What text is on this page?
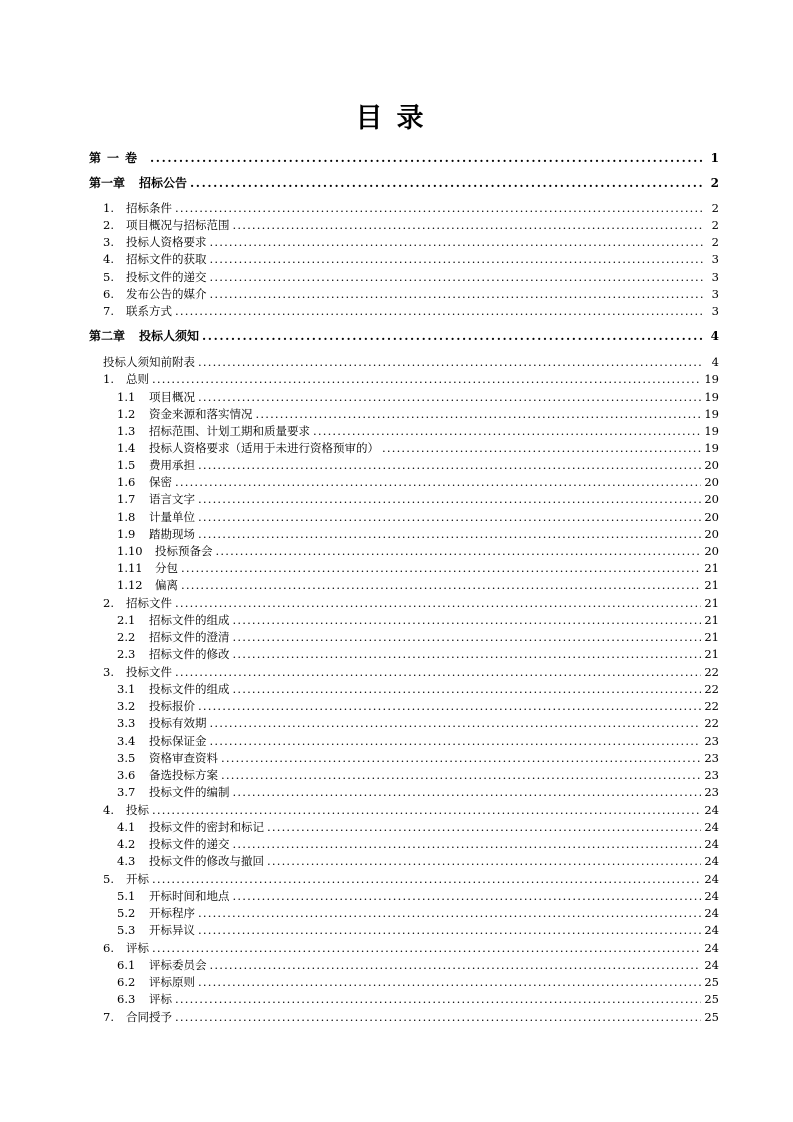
目录
第一卷 .....	1
第一章 招标公告 .....	2
1. 招标条件 .....	2
2. 项目概况与招标范围 .....	2
3. 投标人资格要求 .....	2
4. 招标文件的获取 .....	3
5. 投标文件的递交 .....	3
6. 发布公告的媒介 .....	3
7. 联系方式 .....	3
第二章 投标人须知 .....	4
投标人须知前附表 .....	4
1. 总则 .....	19
1.1 项目概况 .....	19
1.2 资金来源和落实情况 .....	19
1.3 招标范围、计划工期和质量要求 .....	19
1.4 投标人资格要求（适用于未进行资格预审的） .....	19
1.5 费用承担 .....	20
1.6 保密 .....	20
1.7 语言文字 .....	20
1.8 计量单位 .....	20
1.9 踏勘现场 .....	20
1.10 投标预备会 .....	20
1.11 分包 .....	21
1.12 偏离 .....	21
2. 招标文件 .....	21
2.1 招标文件的组成 .....	21
2.2 招标文件的澄清 .....	21
2.3 招标文件的修改 .....	21
3. 投标文件 .....	22
3.1 投标文件的组成 .....	22
3.2 投标报价 .....	22
3.3 投标有效期 .....	22
3.4 投标保证金 .....	23
3.5 资格审查资料 .....	23
3.6 备选投标方案 .....	23
3.7 投标文件的编制 .....	23
4. 投标 .....	24
4.1 投标文件的密封和标记 .....	24
4.2 投标文件的递交 .....	24
4.3 投标文件的修改与撤回 .....	24
5. 开标 .....	24
5.1 开标时间和地点 .....	24
5.2 开标程序 .....	24
5.3 开标异议 .....	24
6. 评标 .....	24
6.1 评标委员会 .....	24
6.2 评标原则 .....	25
6.3 评标 .....	25
7. 合同授予 .....	25
